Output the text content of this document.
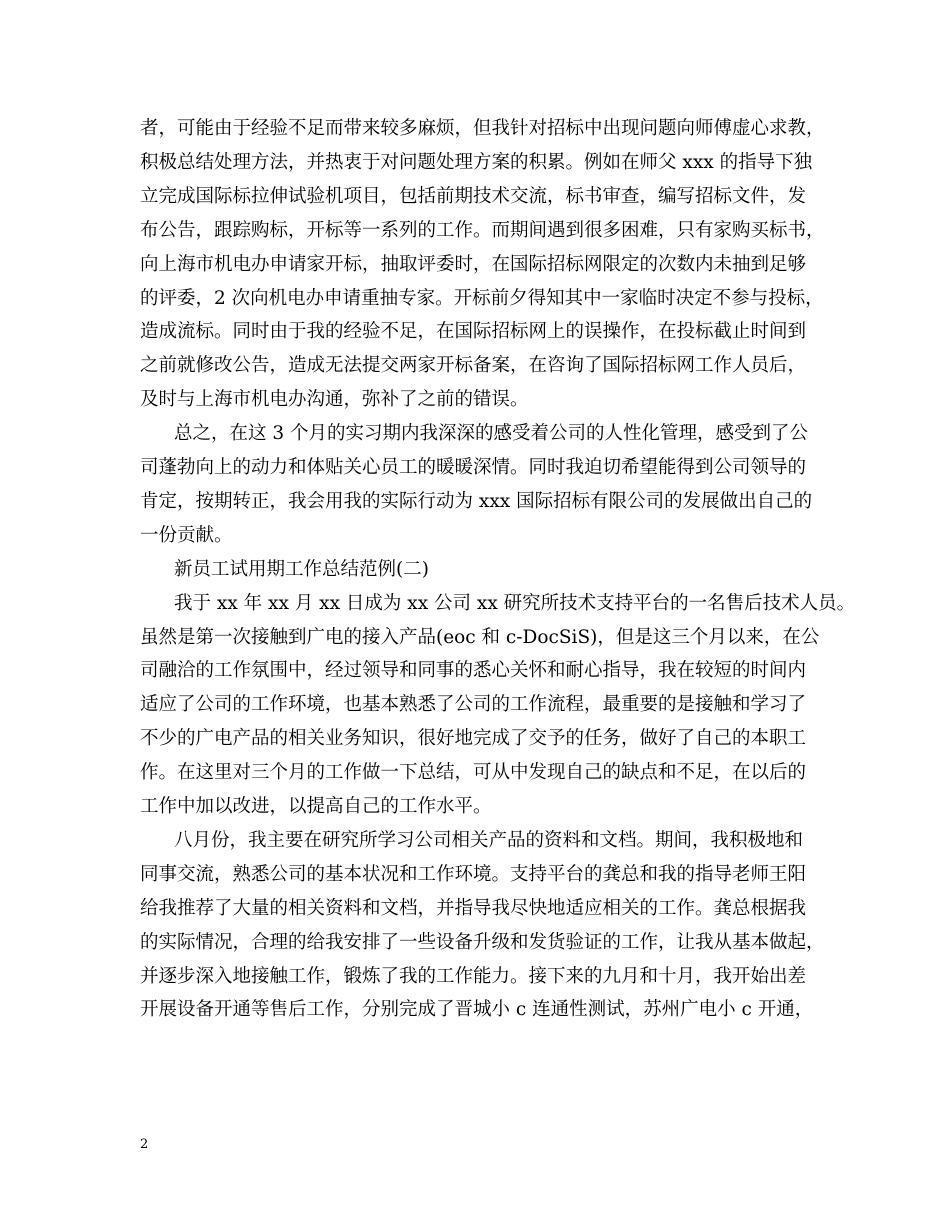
者，可能由于经验不足而带来较多麻烦，但我针对招标中出现问题向师傅虚心求教，
积极总结处理方法，并热衷于对问题处理方案的积累。例如在师父 xxx 的指导下独
立完成国际标拉伸试验机项目，包括前期技术交流，标书审查，编写招标文件，发
布公告，跟踪购标，开标等一系列的工作。而期间遇到很多困难，只有家购买标书，
向上海市机电办申请家开标，抽取评委时，在国际招标网限定的次数内未抽到足够
的评委，2 次向机电办申请重抽专家。开标前夕得知其中一家临时决定不参与投标，
造成流标。同时由于我的经验不足，在国际招标网上的误操作，在投标截止时间到
之前就修改公告，造成无法提交两家开标备案，在咨询了国际招标网工作人员后，
及时与上海市机电办沟通，弥补了之前的错误。
总之，在这 3 个月的实习期内我深深的感受着公司的人性化管理，感受到了公
司蓬勃向上的动力和体贴关心员工的暖暖深情。同时我迫切希望能得到公司领导的
肯定，按期转正，我会用我的实际行动为 xxx 国际招标有限公司的发展做出自己的
一份贡献。
新员工试用期工作总结范例(二)
我于 xx 年 xx 月 xx 日成为 xx 公司 xx 研究所技术支持平台的一名售后技术人员。
虽然是第一次接触到广电的接入产品(eoc 和 c-DocSiS)，但是这三个月以来，在公
司融洽的工作氛围中，经过领导和同事的悉心关怀和耐心指导，我在较短的时间内
适应了公司的工作环境，也基本熟悉了公司的工作流程，最重要的是接触和学习了
不少的广电产品的相关业务知识，很好地完成了交予的任务，做好了自己的本职工
作。在这里对三个月的工作做一下总结，可从中发现自己的缺点和不足，在以后的
工作中加以改进，以提高自己的工作水平。
八月份，我主要在研究所学习公司相关产品的资料和文档。期间，我积极地和
同事交流，熟悉公司的基本状况和工作环境。支持平台的龚总和我的指导老师王阳
给我推荐了大量的相关资料和文档，并指导我尽快地适应相关的工作。龚总根据我
的实际情况，合理的给我安排了一些设备升级和发货验证的工作，让我从基本做起，
并逐步深入地接触工作，锻炼了我的工作能力。接下来的九月和十月，我开始出差
开展设备开通等售后工作，分别完成了晋城小 c 连通性测试，苏州广电小 c 开通，
2
